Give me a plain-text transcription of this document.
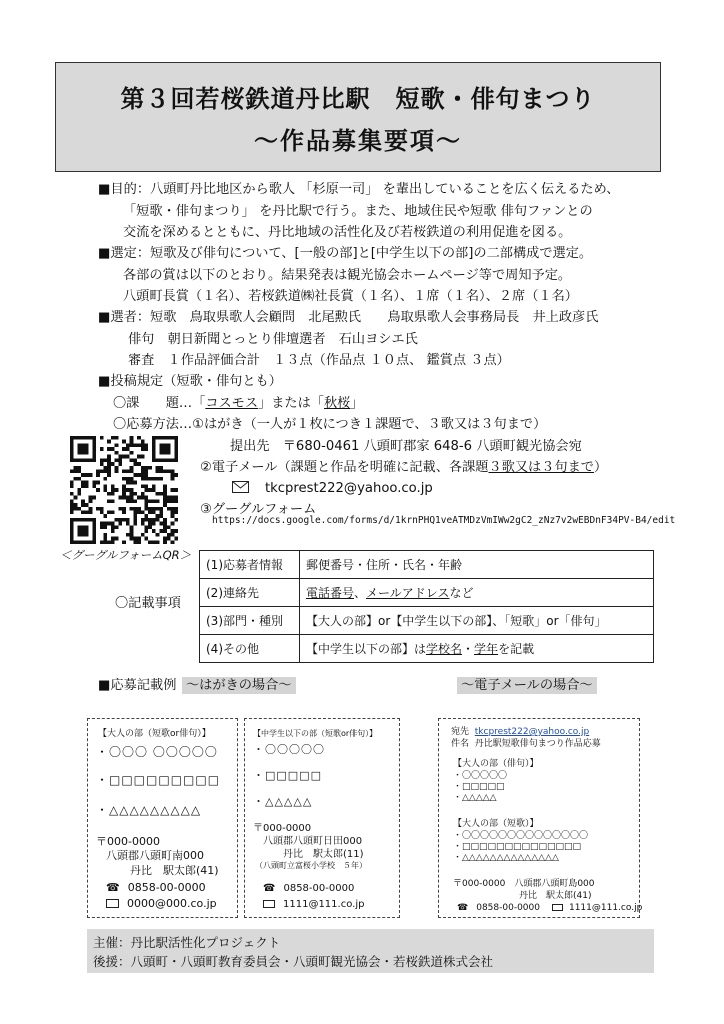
第３回若桜鉄道丹比駅　短歌・俳句まつり
〜作品募集要項〜
■目的：八頭町丹比地区から歌人 「杉原一司」 を輩出していることを広く伝えるため、
「短歌・俳句まつり」 を丹比駅で行う。また、地域住民や短歌 俳句ファンとの
交流を深めるとともに、丹比地域の活性化及び若桜鉄道の利用促進を図る。
■選定：短歌及び俳句について、[一般の部]と[中学生以下の部]の二部構成で選定。
各部の賞は以下のとおり。結果発表は観光協会ホームページ等で周知予定。
八頭町長賞（１名）、若桜鉄道㈱社長賞（１名）、１席（１名）、２席（１名）
■選者：短歌　鳥取県歌人会顧問　北尾勲氏　　鳥取県歌人会事務局長　井上政彦氏
俳句　朝日新聞とっとり俳壇選者　石山ヨシエ氏
審査　１作品評価合計　１３点（作品点 １０点、 鑑賞点 ３点）
■投稿規定（短歌・俳句とも）
〇課　　題…「コスモス」または「秋桜」
〇応募方法…①はがき（一人が１枚につき１課題で、３歌又は３句まで）
提出先　〒680-0461 八頭町郡家 648-6 八頭町観光協会宛
②電子メール（課題と作品を明確に記載、各課題３歌又は３句まで）
tkcprest222@yahoo.co.jp
③グーグルフォーム
https://docs.google.com/forms/d/1krnPHQ1veATMDzVmIWw2gC2_zNz7v2wEBDnF34PV-B4/edit
＜グーグルフォームQR＞
〇記載事項
(1)応募者情報	郵便番号・住所・氏名・年齢
(2)連絡先	電話番号、メールアドレスなど
(3)部門・種別	【大人の部】or【中学生以下の部】、「短歌」or「俳句」
(4)その他	【中学生以下の部】は学校名・学年を記載
■応募記載例 〜はがきの場合〜	〜電子メールの場合〜
【大人の部（短歌or俳句）】
・〇〇〇 〇〇〇〇〇
・□□□□□□□□□
・△△△△△△△△△
〒000-0000
八頭郡八頭町南000
丹比　駅太郎(41)
☎ 0858-00-0000
0000@000.co.jp
【中学生以下の部（短歌or俳句）】
・〇〇〇〇〇
・□□□□□
・△△△△△
〒000-0000
八頭郡八頭町日田000
丹比　駅太郎(11)
（八頭町立富桜小学校　５年）
☎ 0858-00-0000
1111@111.co.jp
宛先 tkcprest222@yahoo.co.jp
件名 丹比駅短歌俳句まつり作品応募
【大人の部（俳句）】
・〇〇〇〇〇
・□□□□□
・△△△△△
【大人の部（短歌）】
・〇〇〇〇〇〇〇〇〇〇〇〇〇〇
・□□□□□□□□□□□□□□
・△△△△△△△△△△△△△△
〒000-0000　八頭郡八頭町島000
丹比　駅太郎(41)
☎ 0858-00-0000	1111@111.co.jp
主催：丹比駅活性化プロジェクト
後援：八頭町・八頭町教育委員会・八頭町観光協会・若桜鉄道株式会社
